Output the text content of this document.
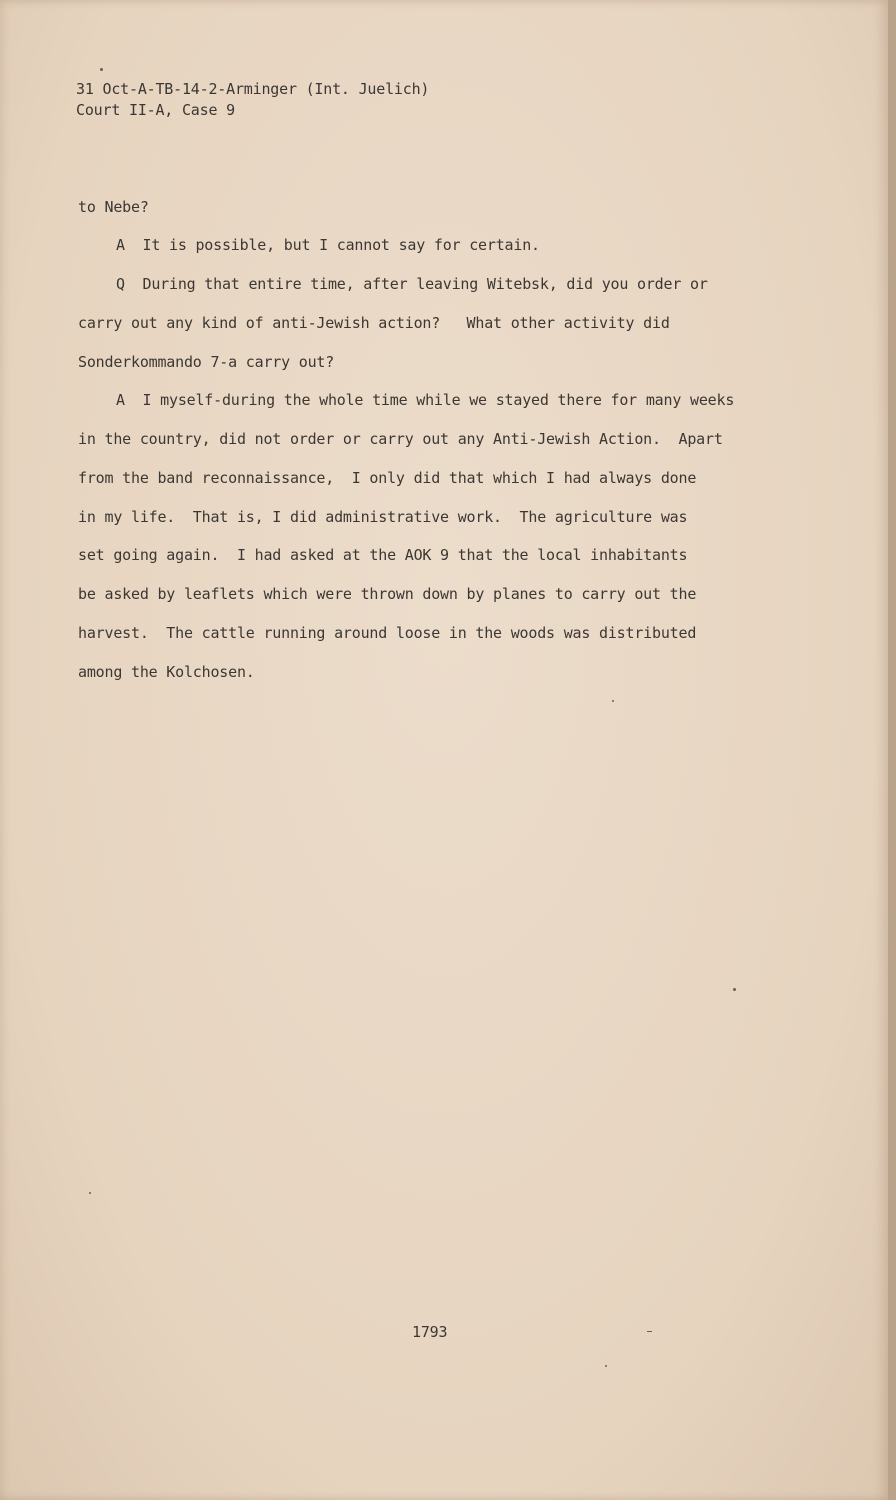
31 Oct-A-TB-14-2-Arminger (Int. Juelich)
Court II-A, Case 9
to Nebe?
A  It is possible, but I cannot say for certain.
Q  During that entire time, after leaving Witebsk, did you order or
carry out any kind of anti-Jewish action?   What other activity did
Sonderkommando 7-a carry out?
A  I myself-during the whole time while we stayed there for many weeks
in the country, did not order or carry out any Anti-Jewish Action.  Apart
from the band reconnaissance,  I only did that which I had always done
in my life.  That is, I did administrative work.  The agriculture was
set going again.  I had asked at the AOK 9 that the local inhabitants
be asked by leaflets which were thrown down by planes to carry out the
harvest.  The cattle running around loose in the woods was distributed
among the Kolchosen.
1793
